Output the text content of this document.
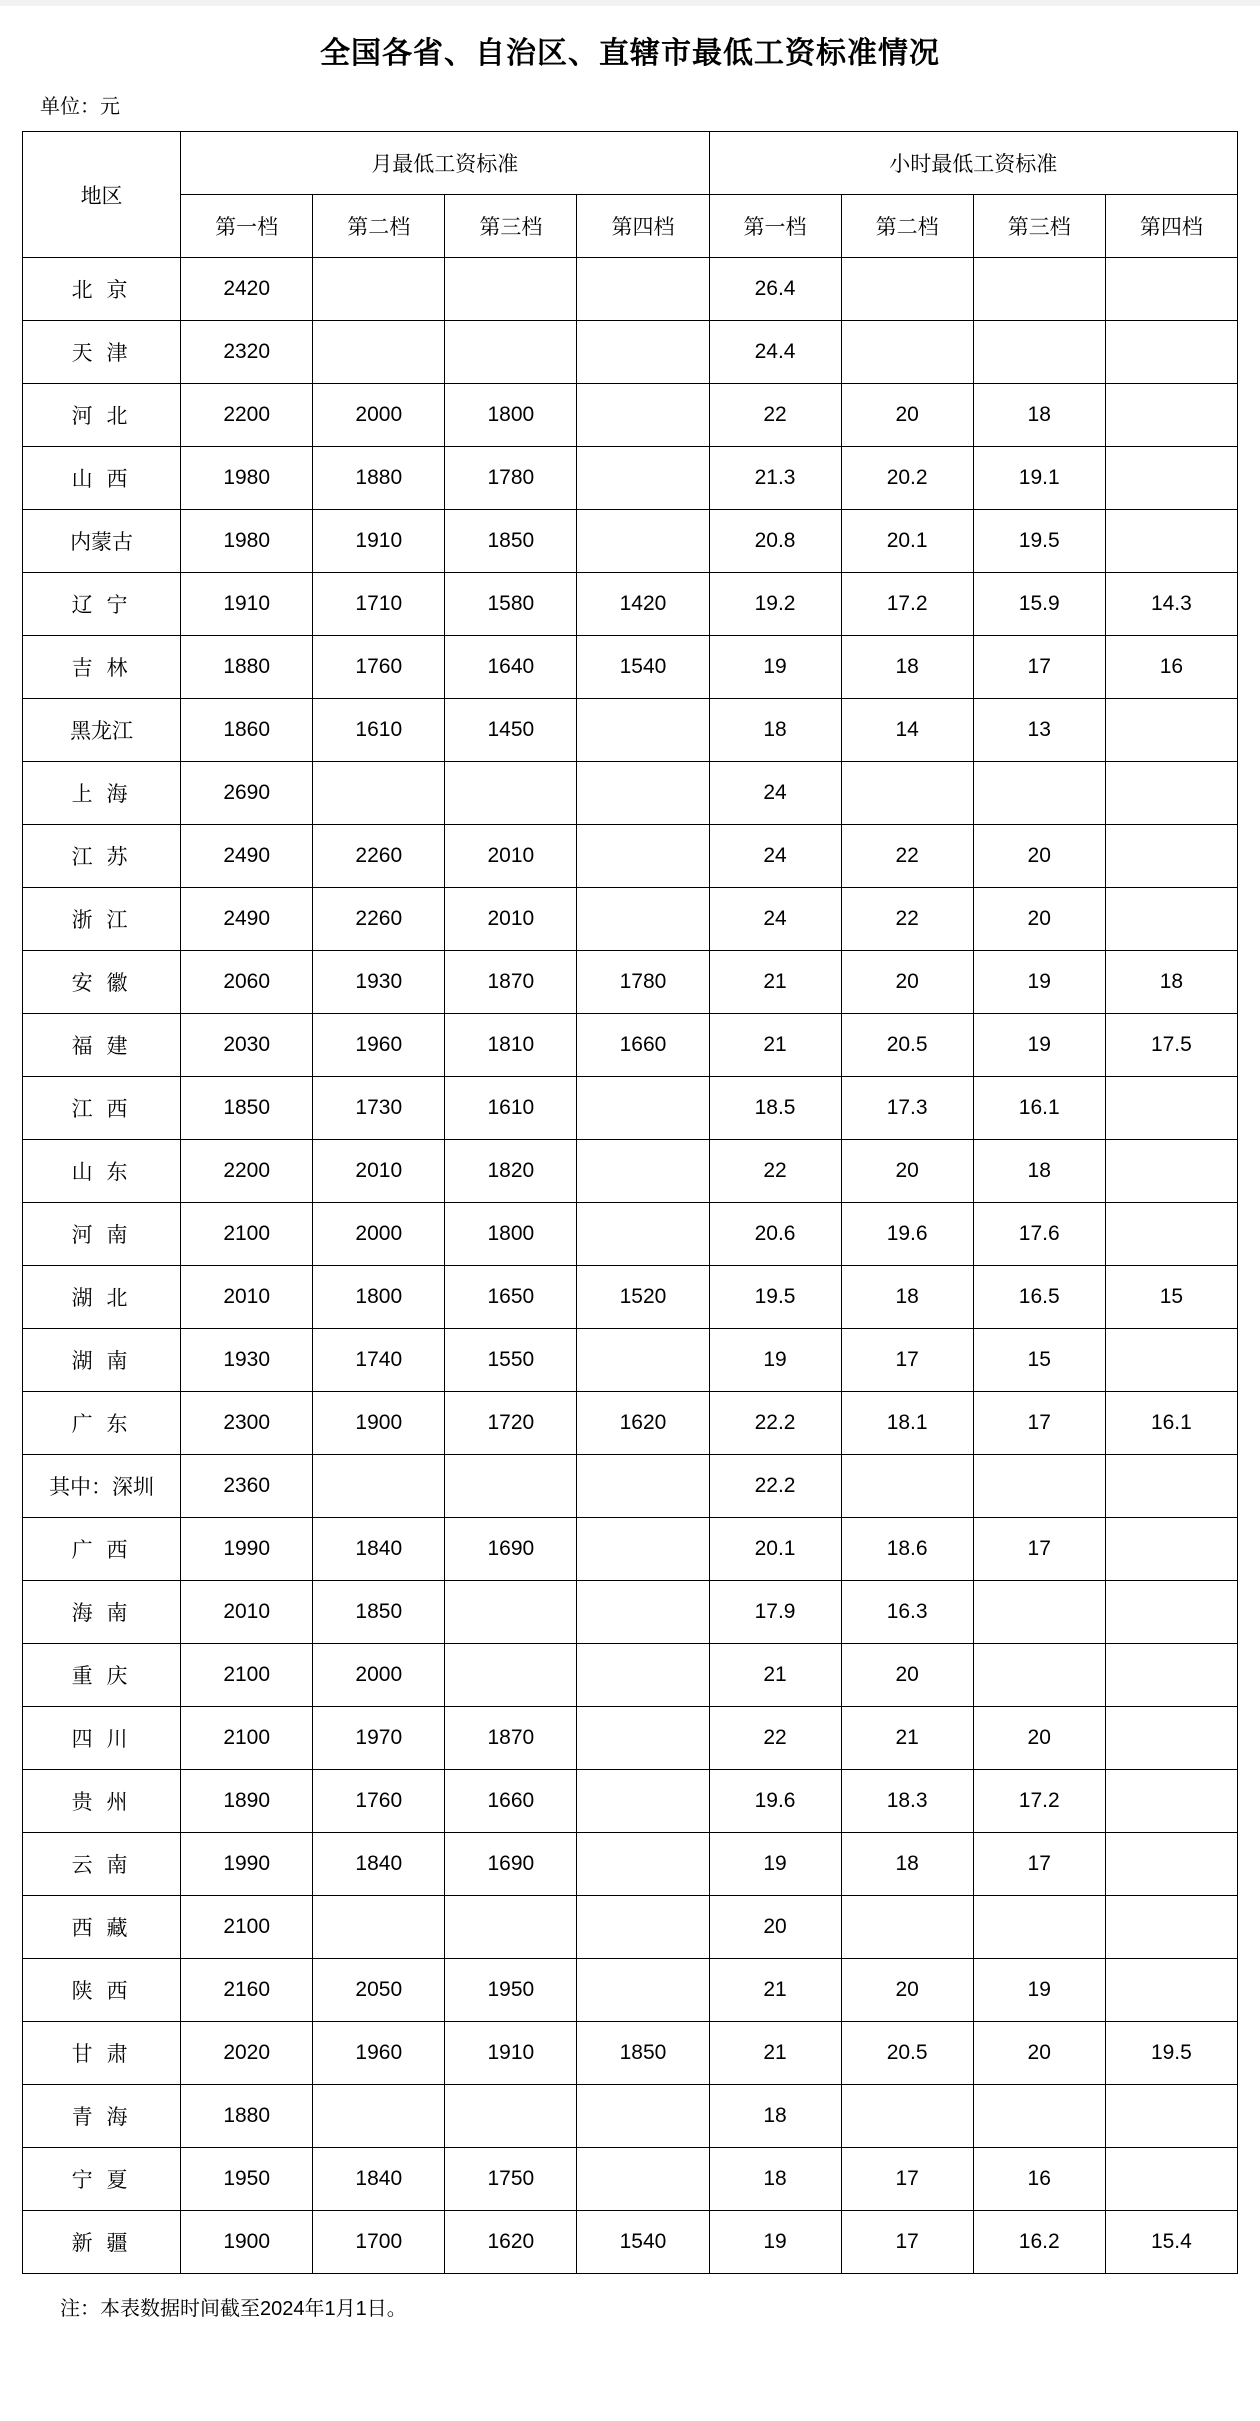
全国各省、自治区、直辖市最低工资标准情况
单位：元
地区	月最低工资标准				小时最低工资标准			
	第一档	第二档	第三档	第四档	第一档	第二档	第三档	第四档
北 京	2420				26.4			
天 津	2320				24.4			
河 北	2200	2000	1800		22	20	18	
山 西	1980	1880	1780		21.3	20.2	19.1	
内蒙古	1980	1910	1850		20.8	20.1	19.5	
辽 宁	1910	1710	1580	1420	19.2	17.2	15.9	14.3
吉 林	1880	1760	1640	1540	19	18	17	16
黑龙江	1860	1610	1450		18	14	13	
上 海	2690				24			
江 苏	2490	2260	2010		24	22	20	
浙 江	2490	2260	2010		24	22	20	
安 徽	2060	1930	1870	1780	21	20	19	18
福 建	2030	1960	1810	1660	21	20.5	19	17.5
江 西	1850	1730	1610		18.5	17.3	16.1	
山 东	2200	2010	1820		22	20	18	
河 南	2100	2000	1800		20.6	19.6	17.6	
湖 北	2010	1800	1650	1520	19.5	18	16.5	15
湖 南	1930	1740	1550		19	17	15	
广 东	2300	1900	1720	1620	22.2	18.1	17	16.1
其中：深圳	2360				22.2			
广 西	1990	1840	1690		20.1	18.6	17	
海 南	2010	1850			17.9	16.3		
重 庆	2100	2000			21	20		
四 川	2100	1970	1870		22	21	20	
贵 州	1890	1760	1660		19.6	18.3	17.2	
云 南	1990	1840	1690		19	18	17	
西 藏	2100				20			
陕 西	2160	2050	1950		21	20	19	
甘 肃	2020	1960	1910	1850	21	20.5	20	19.5
青 海	1880				18			
宁 夏	1950	1840	1750		18	17	16	
新 疆	1900	1700	1620	1540	19	17	16.2	15.4
注：本表数据时间截至2024年1月1日。
